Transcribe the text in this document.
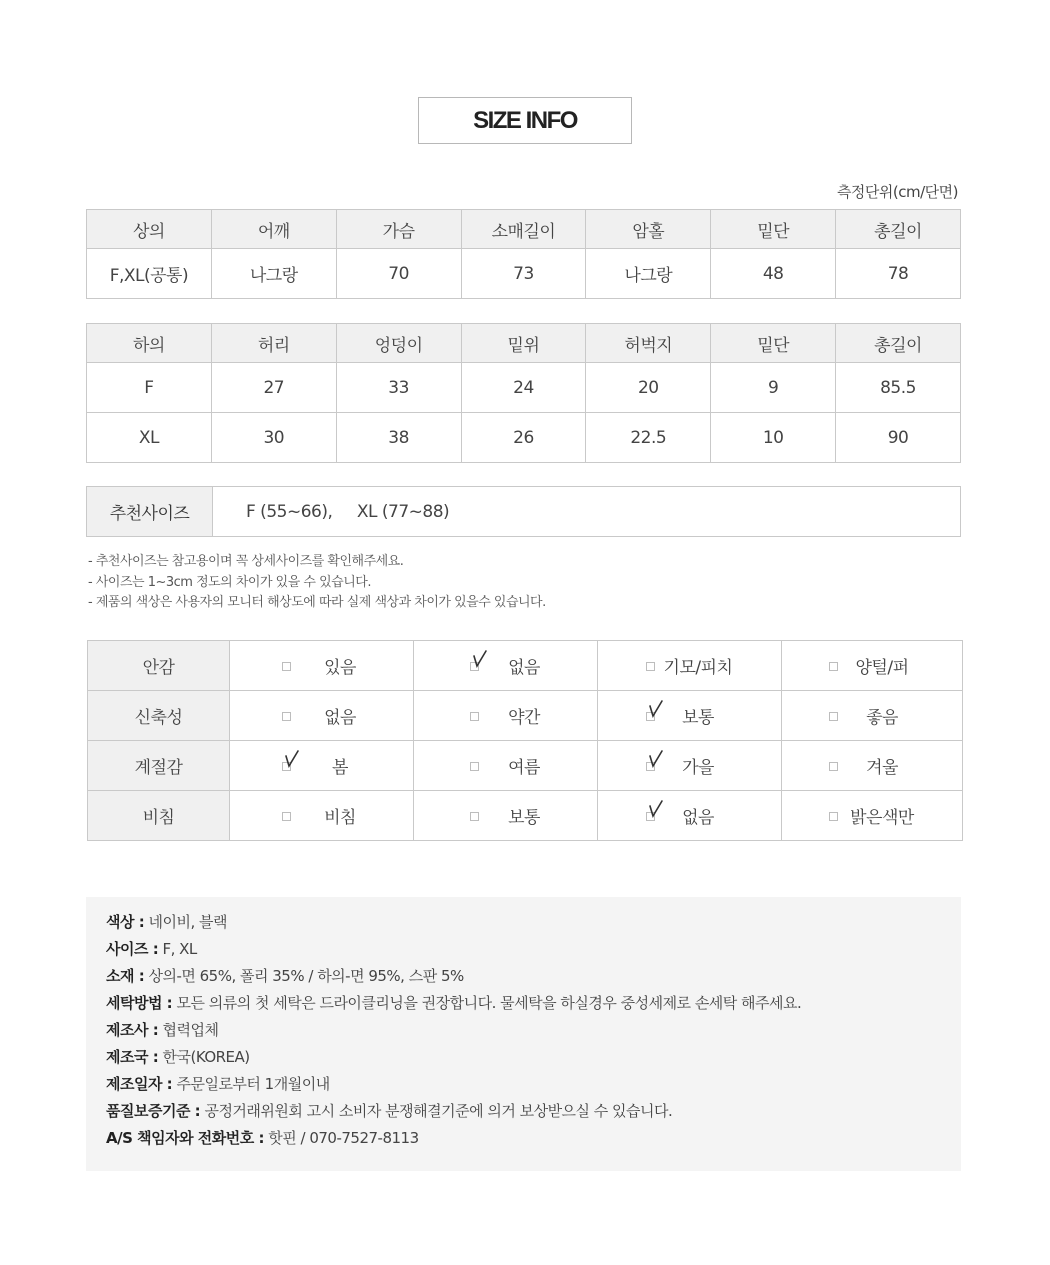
SIZE INFO
측정단위(cm/단면)
상의	어깨	가슴	소매길이	암홀	밑단	총길이
F,XL(공통)	나그랑	70	73	나그랑	48	78
하의	허리	엉덩이	밑위	허벅지	밑단	총길이
F	27	33	24	20	9	85.5
XL	30	38	26	22.5	10	90
추천사이즈	F (55~66),     XL (77~88)
- 추천사이즈는 참고용이며 꼭 상세사이즈를 확인해주세요.
- 사이즈는 1~3cm 정도의 차이가 있을 수 있습니다.
- 제품의 색상은 사용자의 모니터 해상도에 따라 실제 색상과 차이가 있을수 있습니다.
안감	있음	없음	기모/피치	양털/퍼

신축성	없음	약간	보통	좋음

계절감	봄	여름	가을	겨울

비침	비침	보통	없음	밝은색만
색상 : 네이비, 블랙
사이즈 : F, XL
소재 : 상의-면 65%, 폴리 35% / 하의-면 95%, 스판 5%
세탁방법 : 모든 의류의 첫 세탁은 드라이클리닝을 권장합니다. 물세탁을 하실경우 중성세제로 손세탁 해주세요.
제조사 : 협력업체
제조국 : 한국(KOREA)
제조일자 : 주문일로부터 1개월이내
품질보증기준 : 공정거래위원회 고시 소비자 분쟁해결기준에 의거 보상받으실 수 있습니다.
A/S 책임자와 전화번호 : 핫핀 / 070-7527-8113
